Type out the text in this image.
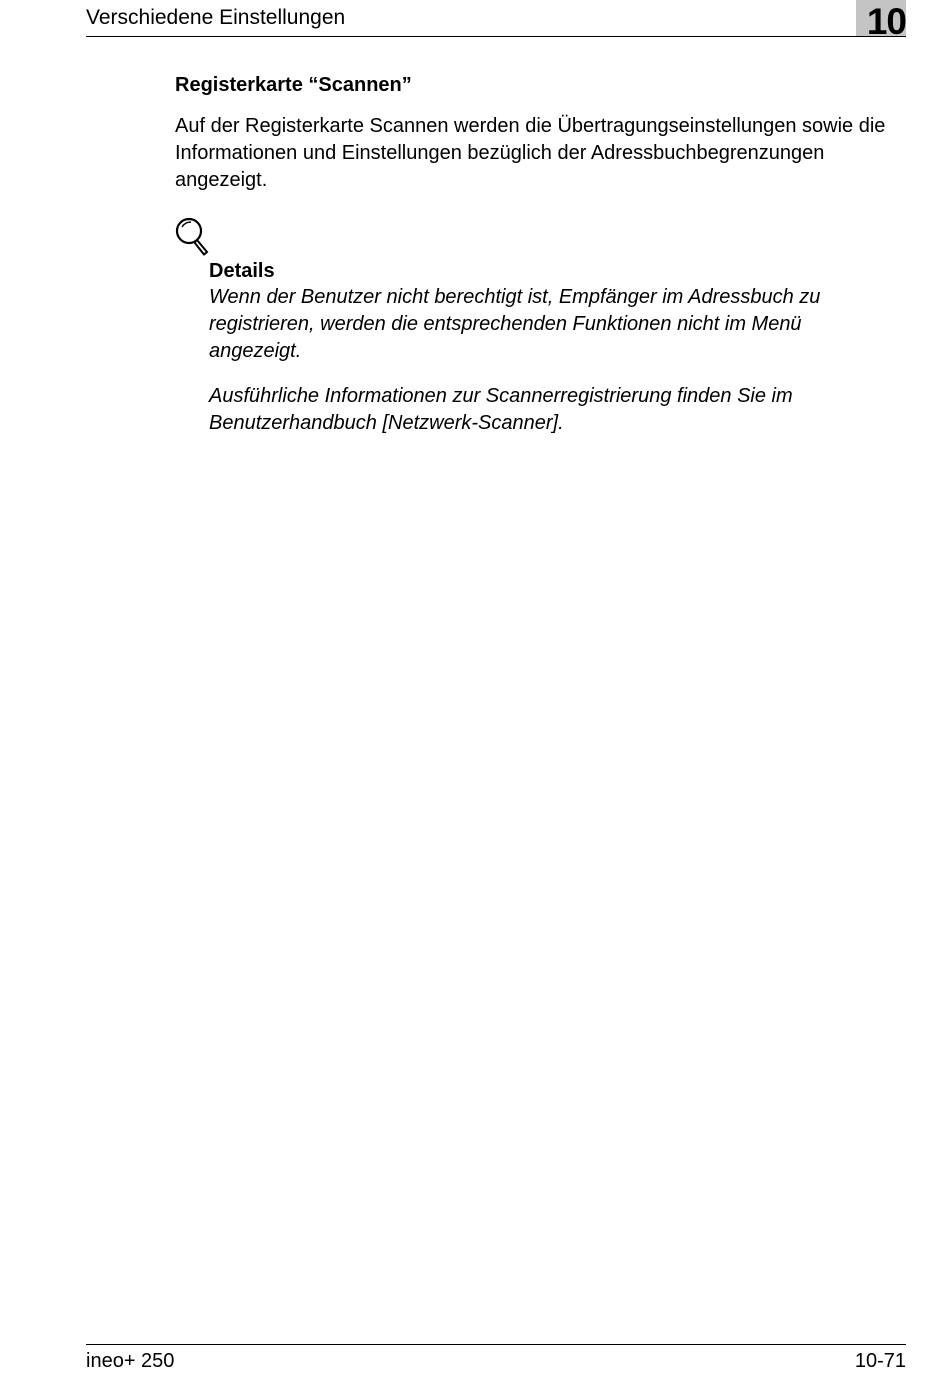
Verschiedene Einstellungen	10
Registerkarte “Scannen”
Auf der Registerkarte Scannen werden die Übertragungseinstellungen sowie die Informationen und Einstellungen bezüglich der Adressbuchbegrenzungen angezeigt.
Details
Wenn der Benutzer nicht berechtigt ist, Empfänger im Adressbuch zu registrieren, werden die entsprechenden Funktionen nicht im Menü angezeigt.
Ausführliche Informationen zur Scannerregistrierung finden Sie im Benutzerhandbuch [Netzwerk-Scanner].
ineo+ 250	10-71
